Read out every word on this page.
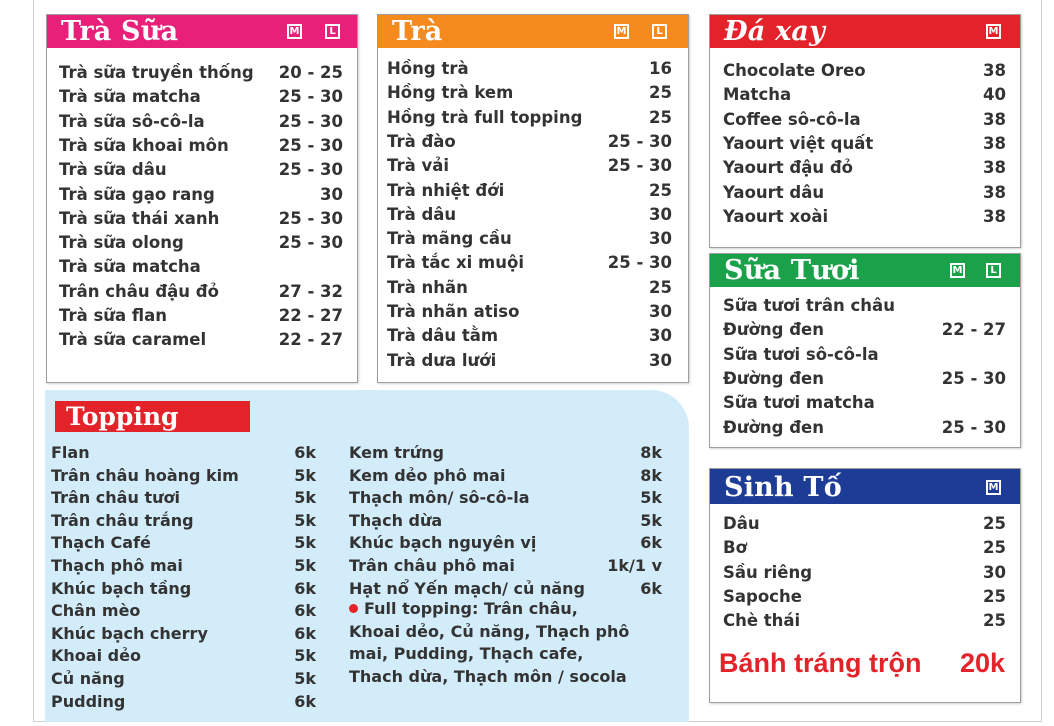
Trà Sữa	M	L
Trà sữa truyền thống	20 - 25
Trà sữa matcha	25 - 30
Trà sữa sô-cô-la	25 - 30
Trà sữa khoai môn	25 - 30
Trà sữa dâu	25 - 30
Trà sữa gạo rang	30
Trà sữa thái xanh	25 - 30
Trà sữa olong	25 - 30
Trà sữa matcha
Trân châu đậu đỏ	27 - 32
Trà sữa flan	22 - 27
Trà sữa caramel	22 - 27
Trà	M	L
Hồng trà	16
Hồng trà kem	25
Hồng trà full topping	25
Trà đào	25 - 30
Trà vải	25 - 30
Trà nhiệt đới	25
Trà dâu	30
Trà mãng cầu	30
Trà tắc xi muội	25 - 30
Trà nhãn	25
Trà nhãn atiso	30
Trà dâu tằm	30
Trà dưa lưới	30
Đá xay	M
Chocolate Oreo	38
Matcha	40
Coffee sô-cô-la	38
Yaourt việt quất	38
Yaourt đậu đỏ	38
Yaourt dâu	38
Yaourt xoài	38
Sữa Tươi	M	L
Sữa tươi trân châu
Đường đen	22 - 27
Sữa tươi sô-cô-la
Đường đen	25 - 30
Sữa tươi matcha
Đường đen	25 - 30
Sinh Tố	M
Dâu	25
Bơ	25
Sầu riêng	30
Sapoche	25
Chè thái	25
Bánh tráng trộn 20k
Topping
Flan	6k
Trân châu hoàng kim	5k
Trân châu tươi	5k
Trân châu trắng	5k
Thạch Café	5k
Thạch phô mai	5k
Khúc bạch tầng	6k
Chân mèo	6k
Khúc bạch cherry	6k
Khoai dẻo	5k
Củ năng	5k
Pudding	6k
Kem trứng	8k
Kem dẻo phô mai	8k
Thạch môn/ sô-cô-la	5k
Thạch dừa	5k
Khúc bạch nguyên vị	6k
Trân châu phô mai	1k/1 v
Hạt nổ Yến mạch/ củ năng	6k
Full topping: Trân châu,
Khoai dẻo, Củ năng, Thạch phô
mai, Pudding, Thạch cafe,
Thach dừa, Thạch môn / socola
